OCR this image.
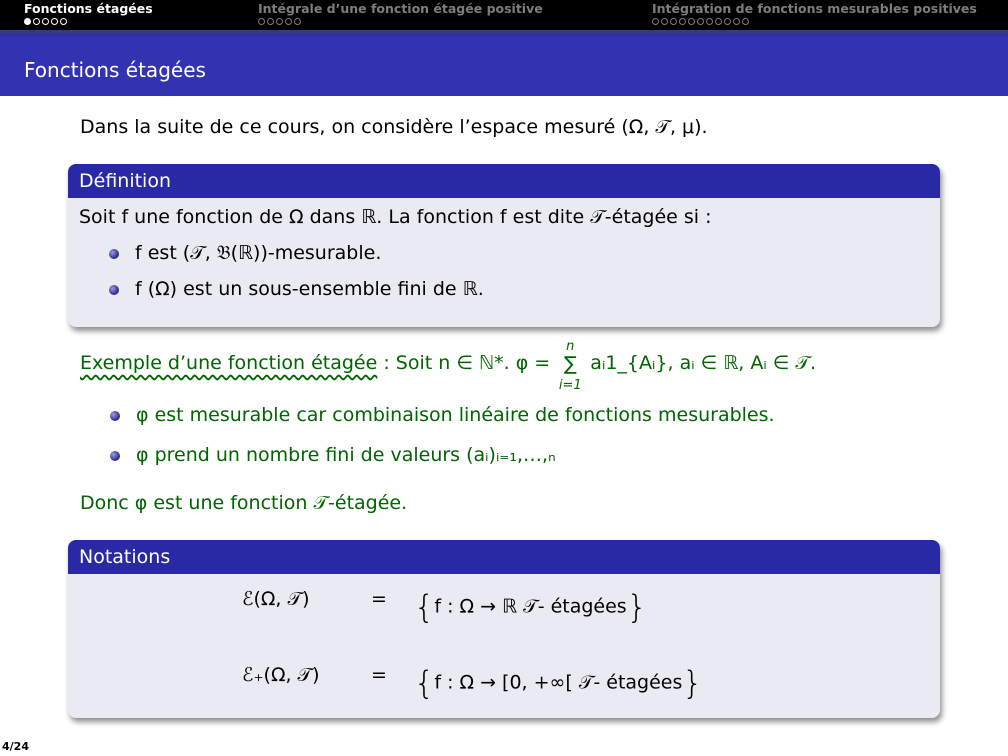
Fonctions étagées	Intégrale d’une fonction étagée positive	Intégration de fonctions mesurables positives
Fonctions étagées
Dans la suite de ce cours, on considère l’espace mesuré (Ω, 𝒯, μ).
Définition
Soit f une fonction de Ω dans ℝ. La fonction f est dite 𝒯-étagée si :
f est (𝒯, 𝔅(ℝ))-mesurable.
f (Ω) est un sous-ensemble fini de ℝ.
Exemple d’une fonction étagée : Soit n ∈ ℕ*. φ =
n
∑
i=1
aᵢ1_{Aᵢ}, aᵢ ∈ ℝ, Aᵢ ∈ 𝒯.
φ est mesurable car combinaison linéaire de fonctions mesurables.
φ prend un nombre fini de valeurs (aᵢ)ᵢ₌₁,…,ₙ
Donc φ est une fonction 𝒯-étagée.
Notations
ℰ(Ω, 𝒯)	= {f : Ω → ℝ 𝒯- étagées}
ℰ₊(Ω, 𝒯)	= {f : Ω → [0, +∞[ 𝒯- étagées}
4/24
